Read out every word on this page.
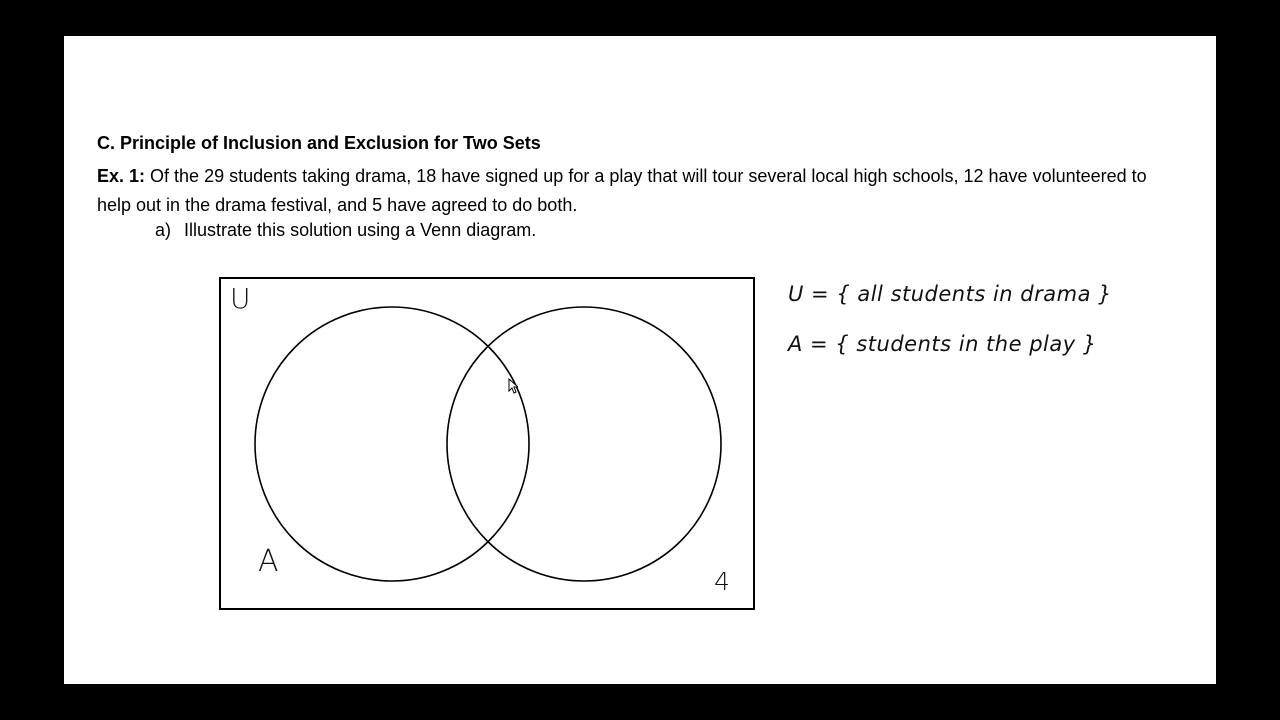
C. Principle of Inclusion and Exclusion for Two Sets

Ex. 1: Of the 29 students taking drama, 18 have signed up for a play that will tour several local high schools, 12 have volunteered to help out in the drama festival, and 5 have agreed to do both.

a) Illustrate this solution using a Venn diagram.
U
A
4
U = { all students in drama }
A = { students in the play }
